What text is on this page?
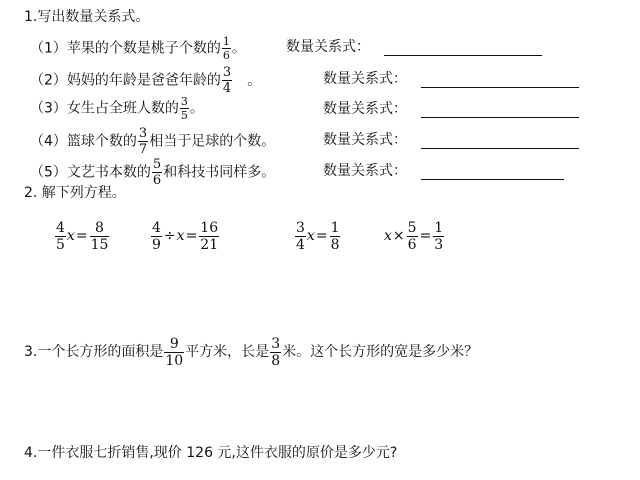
1.写出数量关系式。
（1）苹果的个数是桃子个数的 $\frac{1}{6}$ 。	数量关系式：
（2）妈妈的年龄是爸爸年龄的 $\frac{3}{4}$ 。	数量关系式：
（3）女生占全班人数的 $\frac{3}{5}$ 。	数量关系式：
（4）篮球个数的 $\frac{3}{7}$ 相当于足球的个数。	数量关系式：
（5）文艺书本数的 $\frac{5}{6}$ 和科技书同样多。	数量关系式：
2. 解下列方程。
$\frac{4}{5}$ $x = \frac{8}{15}$	$\frac{4}{9} \div x = \frac{16}{21}$	$\frac{3}{4}$ $x = \frac{1}{8}$	$x \times \frac{5}{6} = \frac{1}{3}$
3.一个长方形的面积是 $\frac{9}{10}$ 平方米，长是 $\frac{3}{8}$ 米。这个长方形的宽是多少米？
4.一件衣服七折销售,现价 126 元,这件衣服的原价是多少元?
